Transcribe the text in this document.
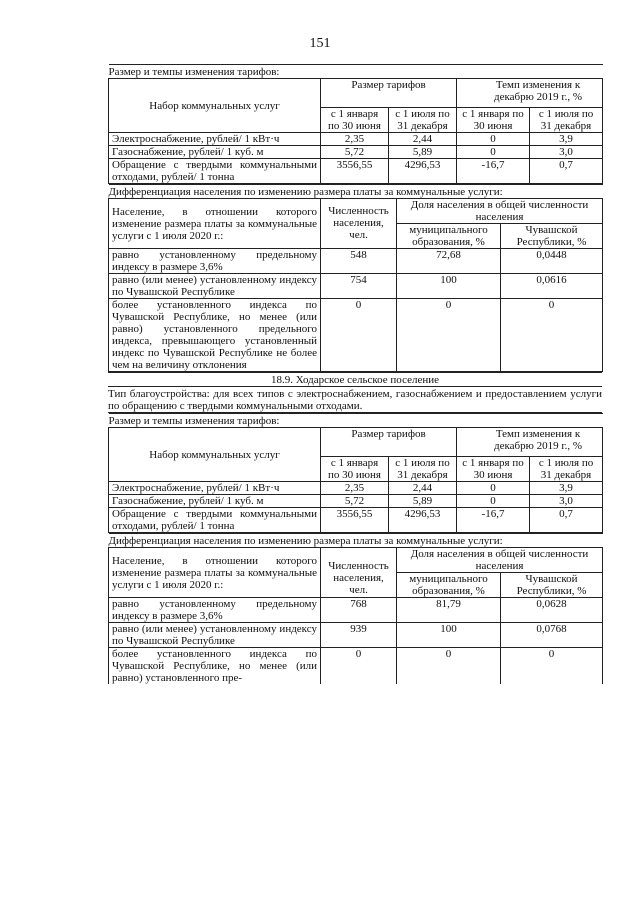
151
Размер и темпы изменения тарифов:				
Набор коммунальных услуг	Размер тарифов		Темп изменения к декабрю 2019 г., %	
	с 1 января по 30 июня	с 1 июля по 31 декабря	с 1 января по 30 июня	с 1 июля по 31 декабря
Электроснабжение, рублей/ 1 кВт·ч	2,35	2,44	0	3,9
Газоснабжение, рублей/ 1 куб. м	5,72	5,89	0	3,0
Обращение с твердыми коммунальными отходами, рублей/ 1 тонна	3556,55	4296,53	-16,7	0,7
Дифференциация населения по изменению размера платы за коммунальные услуги:			
Население, в отношении которого изменение размера платы за коммунальные услуги с 1 июля 2020 г.:	Численность населения, чел.	Доля населения в общей численности населения	
		муниципального образования, %	Чувашской Республики, %
равно установленному предельному индексу в размере 3,6%	548	72,68	0,0448
равно (или менее) установленному индексу по Чувашской Республике	754	100	0,0616
более установленного индекса по Чувашской Республике, но менее (или равно) установленного предельного индекса, превышающего установленный индекс по Чувашской Республике не более чем на величину отклонения	0	0	0
18.9. Ходарское сельское поселение
Тип благоустройства: для всех типов с электроснабжением, газоснабжением и предоставлением услуги по обращению с твердыми коммунальными отходами.
Размер и темпы изменения тарифов:				
Набор коммунальных услуг	Размер тарифов		Темп изменения к декабрю 2019 г., %	
	с 1 января по 30 июня	с 1 июля по 31 декабря	с 1 января по 30 июня	с 1 июля по 31 декабря
Электроснабжение, рублей/ 1 кВт·ч	2,35	2,44	0	3,9
Газоснабжение, рублей/ 1 куб. м	5,72	5,89	0	3,0
Обращение с твердыми коммунальными отходами, рублей/ 1 тонна	3556,55	4296,53	-16,7	0,7
Дифференциация населения по изменению размера платы за коммунальные услуги:			
Население, в отношении которого изменение размера платы за коммунальные услуги с 1 июля 2020 г.:	Численность населения, чел.	Доля населения в общей численности населения	
		муниципального образования, %	Чувашской Республики, %
равно установленному предельному индексу в размере 3,6%	768	81,79	0,0628
равно (или менее) установленному индексу по Чувашской Республике	939	100	0,0768
более установленного индекса по Чувашской Республике, но менее (или равно) установленного пре-	0	0	0
